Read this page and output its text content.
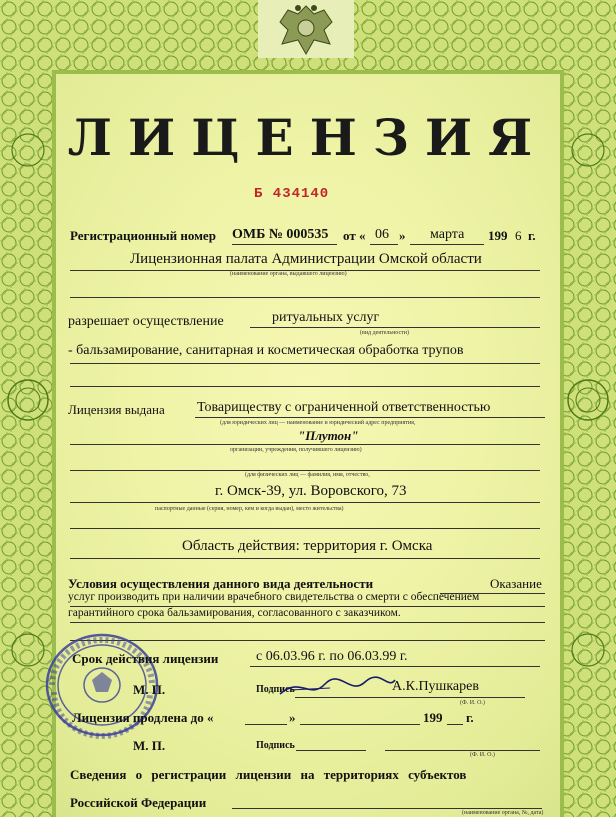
ЛИЦЕНЗИЯ
Б 434140
Регистрационный номер ОМБ № 000535 от « 06 » марта 199 6 г.
Лицензионная палата Администрации Омской области
(наименование органа, выдавшего лицензию)
разрешает осуществление	ритуальных услуг
(вид деятельности)
- бальзамирование, санитарная и косметическая обработка трупов
Лицензия выдана Товариществу с ограниченной ответственностью
(для юридических лиц — наименование и юридический адрес предприятия,
"Плутон"
организации, учреждения, получившего лицензию)
(для физических лиц — фамилия, имя, отчество,
г. Омск-39, ул. Воровского, 73
паспортные данные (серия, номер, кем и когда выдан), место жительства)
Область действия: территория г. Омска
Условия осуществления данного вида деятельности	Оказание
услуг производить при наличии врачебного свидетельства о смерти с обеспечением
гарантийного срока бальзамирования, согласованного с заказчиком.
Срок действия лицензии	с 06.03.96 г. по 06.03.99 г.
М. П.	Подпись	А.К.Пушкарев
(Ф. И. О.)
Лицензия продлена до «	»	199 г.
М. П.	Подпись
(Ф. И. О.)
Сведения о регистрации лицензии на территориях субъектов
Российской Федерации
(наименование органа, №, дата)
